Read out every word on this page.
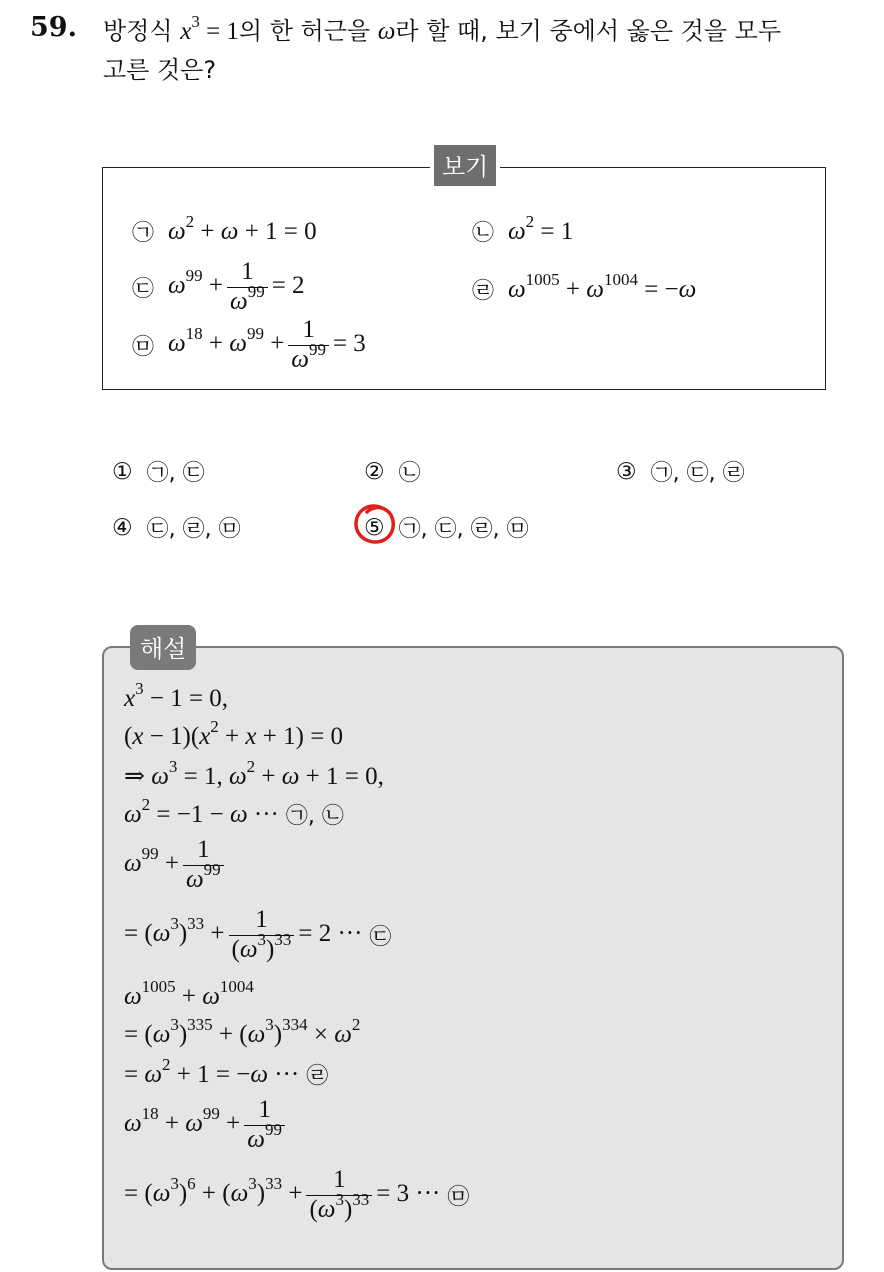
59. 방정식 $x^3 = 1$의 한 허근을 ω라 할 때, 보기 중에서 옳은 것을 모두
고른 것은?
보기
㉠ $\omega^2 + \omega + 1 = 0$	㉡ $\omega^2 = 1$
㉢ $\omega^{99} + \frac{1}{\omega^{99}} = 2$	㉣ $\omega^{1005} + \omega^{1004} = -\omega$
㉤ $\omega^{18} + \omega^{99} + \frac{1}{\omega^{99}} = 3$
① ㉠, ㉢	② ㉡	③ ㉠, ㉢, ㉣
④ ㉢, ㉣, ㉤	⑤ ㉠, ㉢, ㉣, ㉤
해설
$x^3 - 1 = 0$,
$(x - 1)(x^2 + x + 1) = 0$
⇒ $\omega^3 = 1$, $\omega^2 + \omega + 1 = 0$,
$\omega^2 = -1 - \omega$ ··· ㉠, ㉡
$\omega^{99} + \frac{1}{\omega^{99}}$
= $(\omega^3)^{33} + \frac{1}{(\omega^3)^{33}} = 2$ ··· ㉢
$\omega^{1005} + \omega^{1004}$
= $(\omega^3)^{335} + (\omega^3)^{334} \times \omega^2$
= $\omega^2 + 1 = -\omega$ ··· ㉣
$\omega^{18} + \omega^{99} + \frac{1}{\omega^{99}}$
= $(\omega^3)^6 + (\omega^3)^{33} + \frac{1}{(\omega^3)^{33}} = 3$ ··· ㉤
